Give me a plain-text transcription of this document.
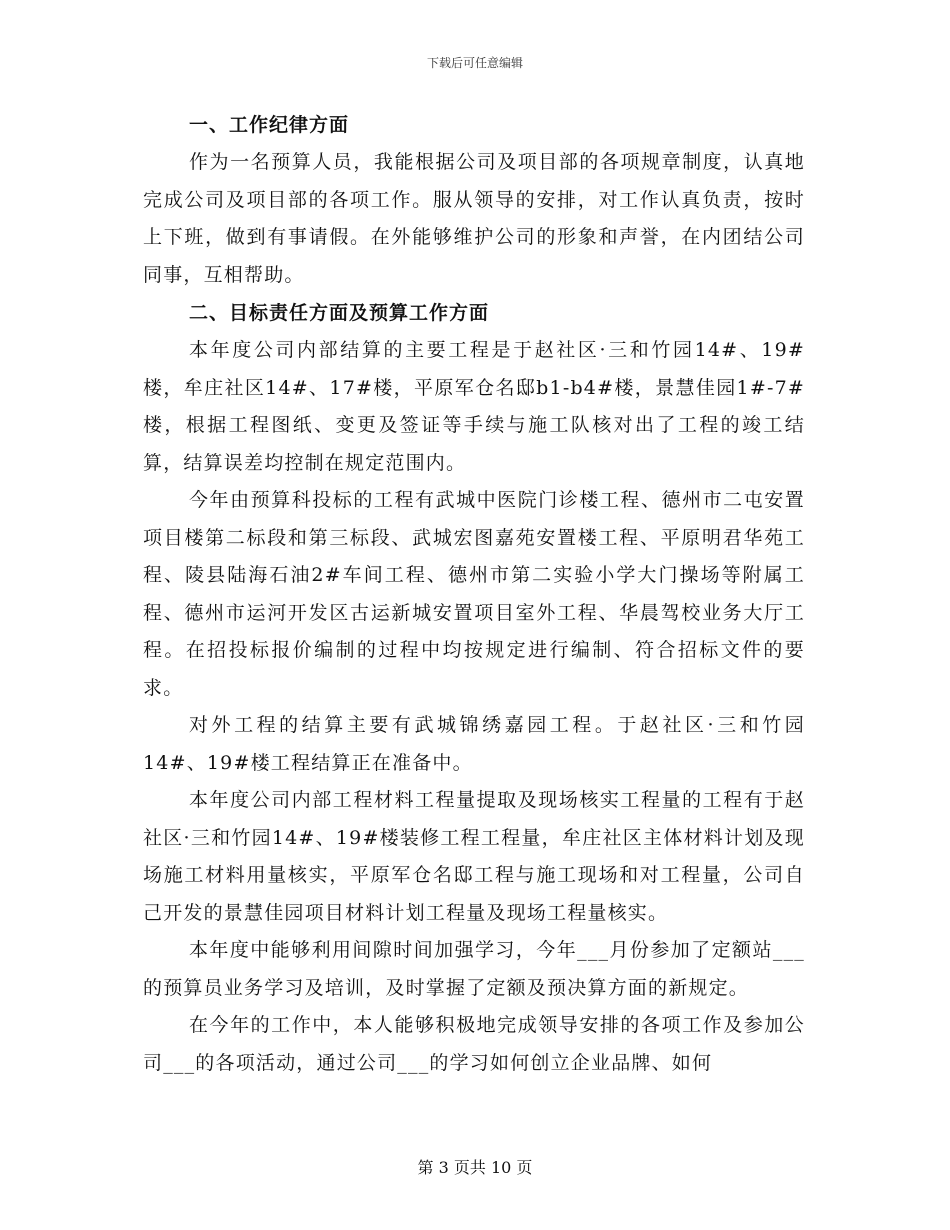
下载后可任意编辑

一、工作纪律方面

作为一名预算人员，我能根据公司及项目部的各项规章制度，认真地完成公司及项目部的各项工作。服从领导的安排，对工作认真负责，按时上下班，做到有事请假。在外能够维护公司的形象和声誉，在内团结公司同事，互相帮助。

二、目标责任方面及预算工作方面

本年度公司内部结算的主要工程是于赵社区·三和竹园14#、19#楼，牟庄社区14#、17#楼，平原军仓名邸b1-b4#楼，景慧佳园1#-7#楼，根据工程图纸、变更及签证等手续与施工队核对出了工程的竣工结算，结算误差均控制在规定范围内。

今年由预算科投标的工程有武城中医院门诊楼工程、德州市二屯安置项目楼第二标段和第三标段、武城宏图嘉苑安置楼工程、平原明君华苑工程、陵县陆海石油2#车间工程、德州市第二实验小学大门操场等附属工程、德州市运河开发区古运新城安置项目室外工程、华晨驾校业务大厅工程。在招投标报价编制的过程中均按规定进行编制、符合招标文件的要求。

对外工程的结算主要有武城锦绣嘉园工程。于赵社区·三和竹园14#、19#楼工程结算正在准备中。

本年度公司内部工程材料工程量提取及现场核实工程量的工程有于赵社区·三和竹园14#、19#楼装修工程工程量，牟庄社区主体材料计划及现场施工材料用量核实，平原军仓名邸工程与施工现场和对工程量，公司自己开发的景慧佳园项目材料计划工程量及现场工程量核实。

本年度中能够利用间隙时间加强学习，今年___月份参加了定额站___的预算员业务学习及培训，及时掌握了定额及预决算方面的新规定。

在今年的工作中，本人能够积极地完成领导安排的各项工作及参加公司___的各项活动，通过公司___的学习如何创立企业品牌、如何

第 3 页共 10 页
